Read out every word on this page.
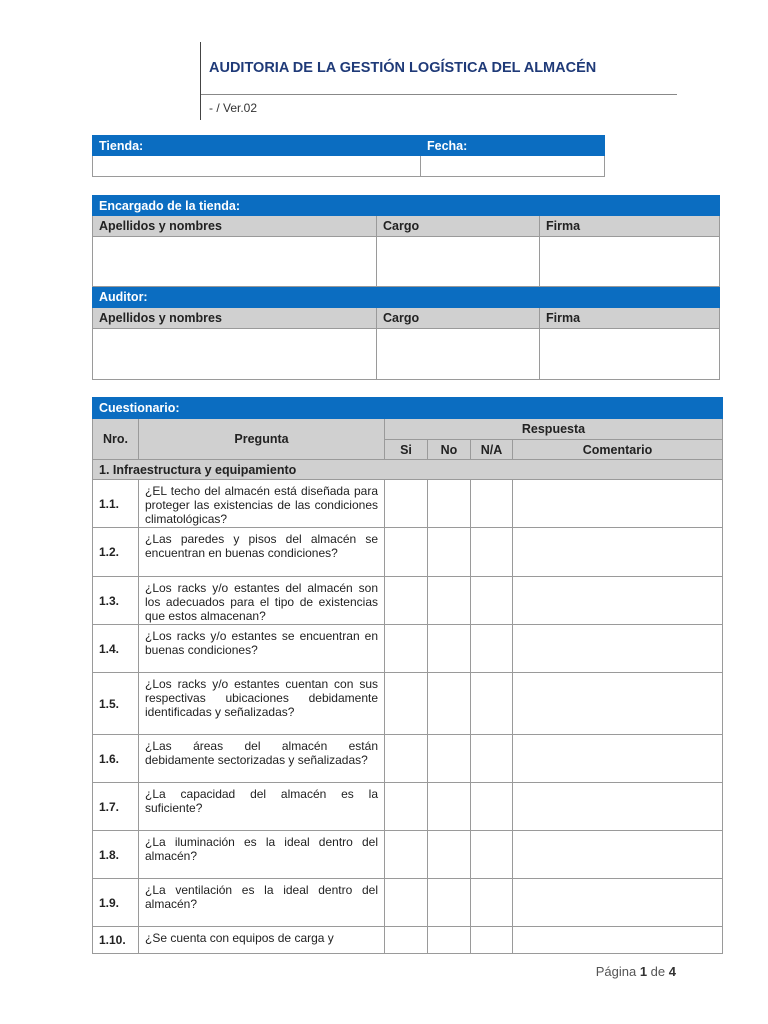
AUDITORIA DE LA GESTIÓN LOGÍSTICA DEL ALMACÉN
- / Ver.02
Tienda:	Fecha:

Encargado de la tienda:		
Apellidos y nombres	Cargo	Firma

Auditor:		
Apellidos y nombres	Cargo	Firma

Cuestionario:					
Nro.	Pregunta	Respuesta			
		Si	No	N/A	Comentario
1. Infraestructura y equipamiento					
1.1.	¿EL techo del almacén está diseñada para proteger las existencias de las condiciones climatológicas?				
1.2.	¿Las paredes y pisos del almacén se encuentran en buenas condiciones?				
1.3.	¿Los racks y/o estantes del almacén son los adecuados para el tipo de existencias que estos almacenan?				
1.4.	¿Los racks y/o estantes se encuentran en buenas condiciones?				
1.5.	¿Los racks y/o estantes cuentan con sus respectivas ubicaciones debidamente identificadas y señalizadas?				
1.6.	¿Las áreas del almacén están debidamente sectorizadas y señalizadas?				
1.7.	¿La capacidad del almacén es la suficiente?				
1.8.	¿La iluminación es la ideal dentro del almacén?				
1.9.	¿La ventilación es la ideal dentro del almacén?				
1.10.	¿Se cuenta con equipos de carga y				
Página 1 de 4
